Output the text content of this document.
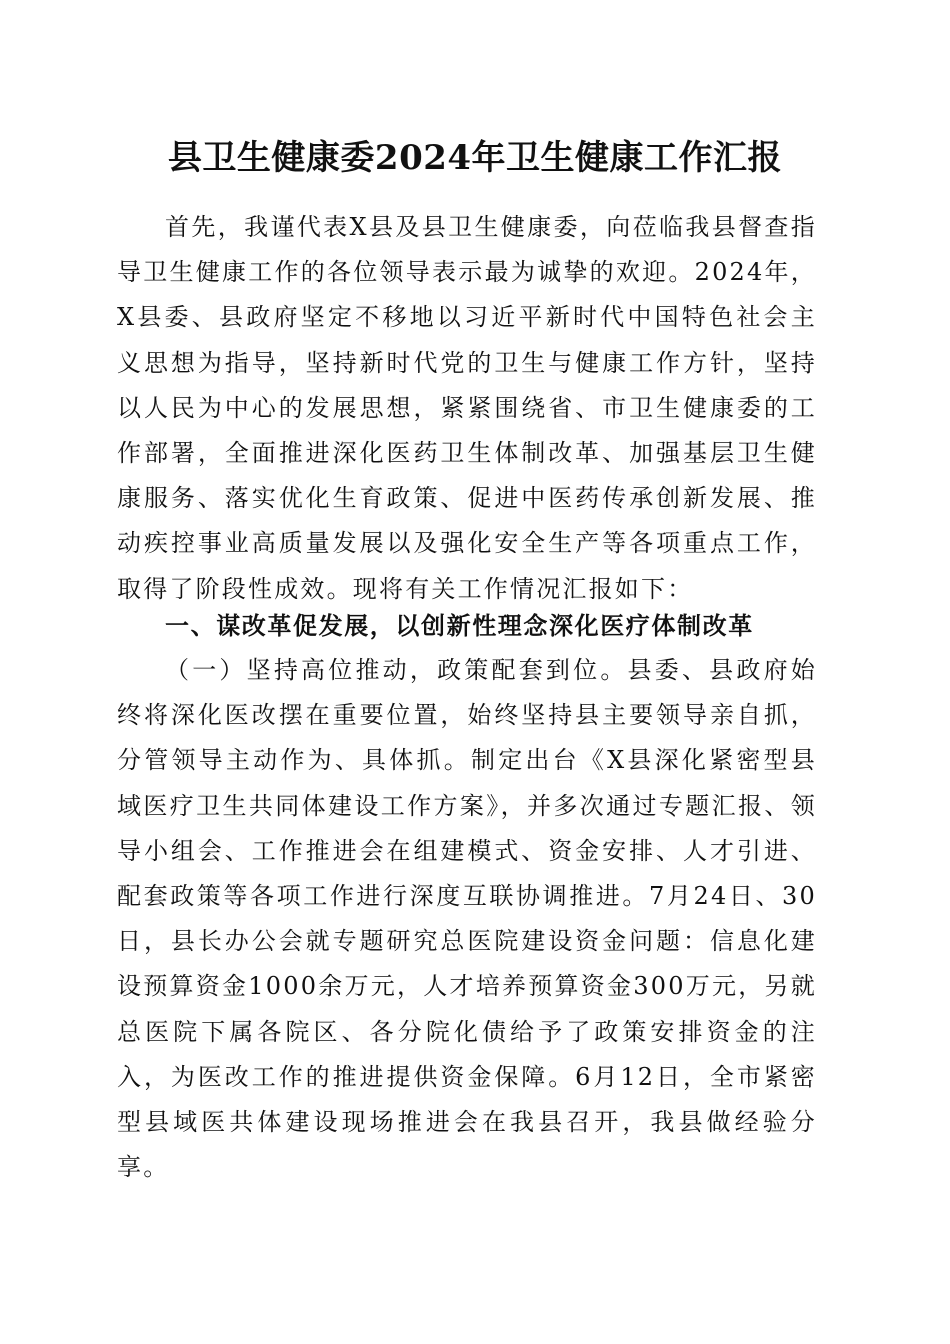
县卫生健康委2024年卫生健康工作汇报

首先，我谨代表X县及县卫生健康委，向莅临我县督查指导卫生健康工作的各位领导表示最为诚挚的欢迎。2024年，X县委、县政府坚定不移地以习近平新时代中国特色社会主义思想为指导，坚持新时代党的卫生与健康工作方针，坚持以人民为中心的发展思想，紧紧围绕省、市卫生健康委的工作部署，全面推进深化医药卫生体制改革、加强基层卫生健康服务、落实优化生育政策、促进中医药传承创新发展、推动疾控事业高质量发展以及强化安全生产等各项重点工作，取得了阶段性成效。现将有关工作情况汇报如下：

一、谋改革促发展，以创新性理念深化医疗体制改革

（一）坚持高位推动，政策配套到位。县委、县政府始终将深化医改摆在重要位置，始终坚持县主要领导亲自抓，分管领导主动作为、具体抓。制定出台《X县深化紧密型县域医疗卫生共同体建设工作方案》，并多次通过专题汇报、领导小组会、工作推进会在组建模式、资金安排、人才引进、配套政策等各项工作进行深度互联协调推进。7月24日、30日，县长办公会就专题研究总医院建设资金问题：信息化建设预算资金1000余万元，人才培养预算资金300万元，另就总医院下属各院区、各分院化债给予了政策安排资金的注入，为医改工作的推进提供资金保障。6月12日，全市紧密型县域医共体建设现场推进会在我县召开，我县做经验分享。
